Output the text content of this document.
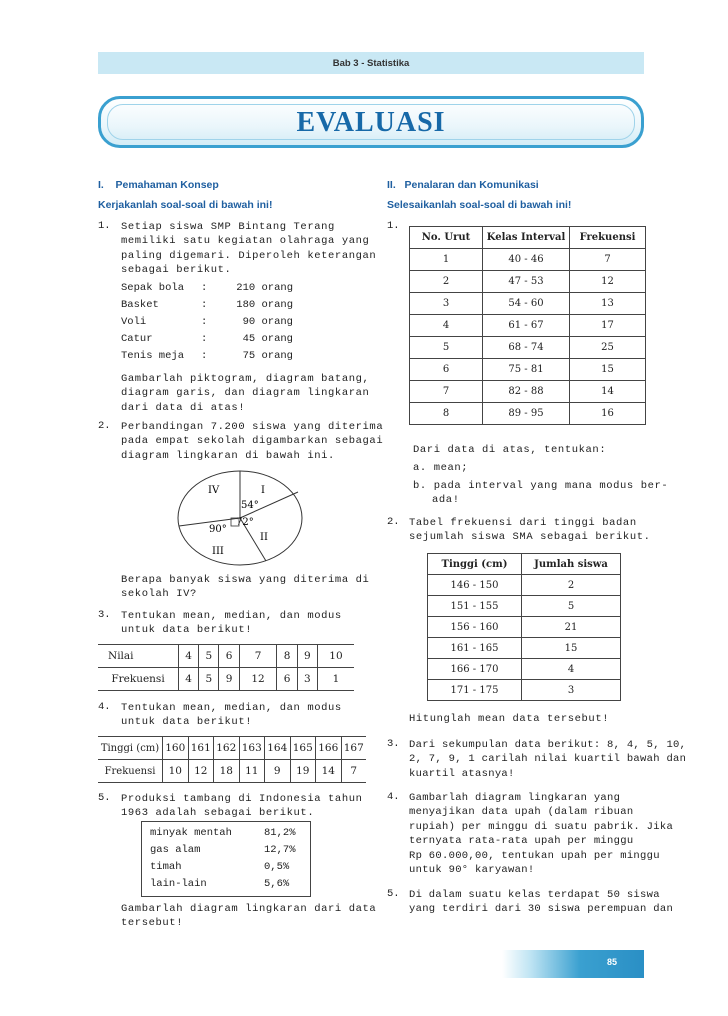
Bab 3 - Statistika
EVALUASI
I.    Pemahaman Konsep
Kerjakanlah soal-soal di bawah ini!
1. Setiap siswa SMP Bintang Terang
memiliki satu kegiatan olahraga yang
paling digemari. Diperoleh keterangan
sebagai berikut.
Sepak bola :	210 orang
Basket	:	180 orang
Voli	:	90 orang
Catur	:	45 orang
Tenis meja :	75 orang
Gambarlah piktogram, diagram batang,
diagram garis, dan diagram lingkaran
dari data di atas!
2. Perbandingan 7.200 siswa yang diterima
pada empat sekolah digambarkan sebagai
diagram lingkaran di bawah ini.
IV	I
II
III
54°
72°
90°
Berapa banyak siswa yang diterima di
sekolah IV?
3. Tentukan mean, median, dan modus
untuk data berikut!
Nilai	4	5	6	7	8	9	10
Frekuensi	4	5	9	12	6	3	1
4. Tentukan mean, median, dan modus
untuk data berikut!
Tinggi (cm)	160	161	162	163	164	165	166	167
Frekuensi	10	12	18	11	9	19	14	7
5. Produksi tambang di Indonesia tahun
1963 adalah sebagai berikut.
minyak mentah	81,2%
gas alam	12,7%
timah	0,5%
lain-lain	5,6%
Gambarlah diagram lingkaran dari data
tersebut!
II.   Penalaran dan Komunikasi
Selesaikanlah soal-soal di bawah ini!
1.
No. Urut	Kelas Interval	Frekuensi
1	40 - 46	7
2	47 - 53	12
3	54 - 60	13
4	61 - 67	17
5	68 - 74	25
6	75 - 81	15
7	82 - 88	14
8	89 - 95	16
Dari data di atas, tentukan:
a. mean;
b. pada interval yang mana modus ber-
ada!
2. Tabel frekuensi dari tinggi badan
sejumlah siswa SMA sebagai berikut.
Tinggi (cm)	Jumlah siswa
146 - 150	2
151 - 155	5
156 - 160	21
161 - 165	15
166 - 170	4
171 - 175	3
Hitunglah mean data tersebut!
3. Dari sekumpulan data berikut: 8, 4, 5, 10,
2, 7, 9, 1 carilah nilai kuartil bawah dan
kuartil atasnya!
4. Gambarlah diagram lingkaran yang
menyajikan data upah (dalam ribuan
rupiah) per minggu di suatu pabrik. Jika
ternyata rata-rata upah per minggu
Rp 60.000,00, tentukan upah per minggu
untuk 90° karyawan!
5. Di dalam suatu kelas terdapat 50 siswa
yang terdiri dari 30 siswa perempuan dan
85
